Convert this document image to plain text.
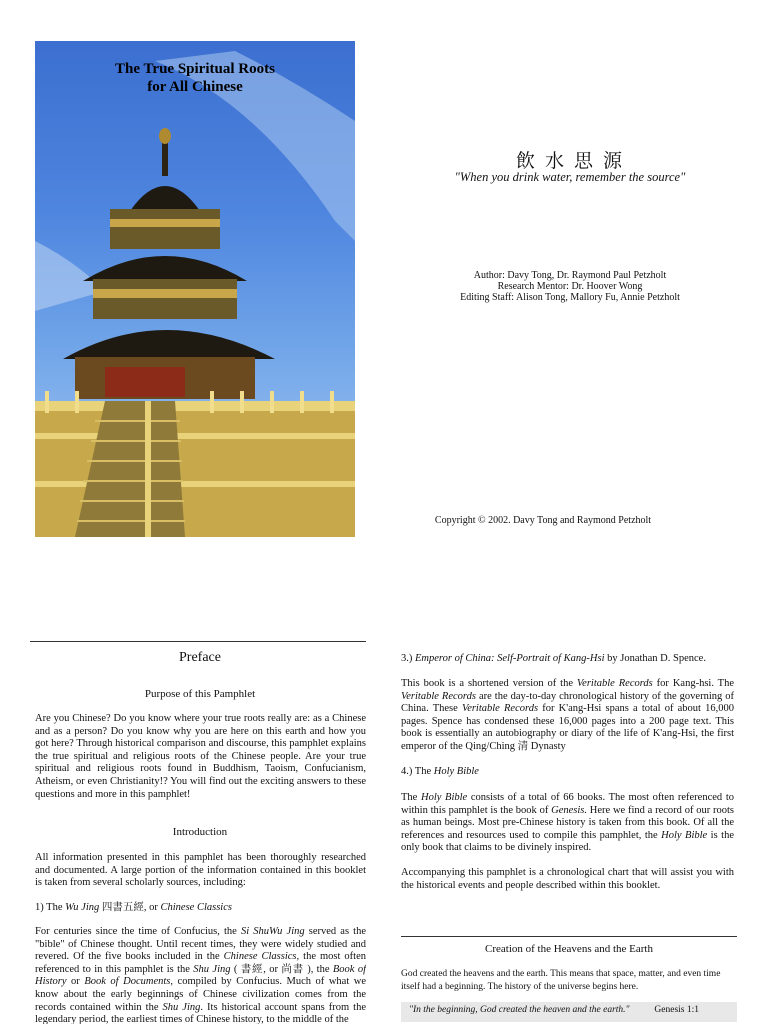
The True Spiritual Roots
for All Chinese
飲 水 思 源
"When you drink water, remember the source"
Author: Davy Tong, Dr. Raymond Paul Petzholt
Research Mentor: Dr. Hoover Wong
Editing Staff: Alison Tong, Mallory Fu, Annie Petzholt
Copyright © 2002. Davy Tong and Raymond Petzholt
Preface
Purpose of this Pamphlet
Are you Chinese? Do you know where your true roots really are: as a Chinese and as a person? Do you know why you are here on this earth and how you got here? Through historical comparison and discourse, this pamphlet explains the true spiritual and religious roots of the Chinese people. Are your true spiritual and religious roots found in Buddhism, Taoism, Confucianism, Atheism, or even Christianity!? You will find out the exciting answers to these questions and more in this pamphlet!
Introduction
All information presented in this pamphlet has been thoroughly researched and documented. A large portion of the information contained in this booklet is taken from several scholarly sources, including:
1) The Wu Jing 四書五經, or Chinese Classics
For centuries since the time of Confucius, the Si ShuWu Jing served as the "bible" of Chinese thought. Until recent times, they were widely studied and revered. Of the five books included in the Chinese Classics, the most often referenced to in this pamphlet is the Shu Jing ( 書經, or 尚書 ), the Book of History or Book of Documents, compiled by Confucius. Much of what we know about the early beginnings of Chinese civilization comes from the records contained within the Shu Jing. Its historical account spans from the legendary period, the earliest times of Chinese history, to the middle of the
3.) Emperor of China: Self-Portrait of Kang-Hsi by Jonathan D. Spence.
This book is a shortened version of the Veritable Records for Kang-hsi. The Veritable Records are the day-to-day chronological history of the governing of China. These Veritable Records for K'ang-Hsi spans a total of about 16,000 pages. Spence has condensed these 16,000 pages into a 200 page text. This book is essentially an autobiography or diary of the life of K'ang-Hsi, the first emperor of the Qing/Ching 清 Dynasty
4.) The Holy Bible
The Holy Bible consists of a total of 66 books. The most often referenced to within this pamphlet is the book of Genesis. Here we find a record of our roots as human beings. Most pre-Chinese history is taken from this book. Of all the references and resources used to compile this pamphlet, the Holy Bible is the only book that claims to be divinely inspired.
Accompanying this pamphlet is a chronological chart that will assist you with the historical events and people described within this booklet.
Creation of the Heavens and the Earth
God created the heavens and the earth. This means that space, matter, and even time itself had a beginning. The history of the universe begins here.
"In the beginning, God created the heaven and the earth."	Genesis 1:1
